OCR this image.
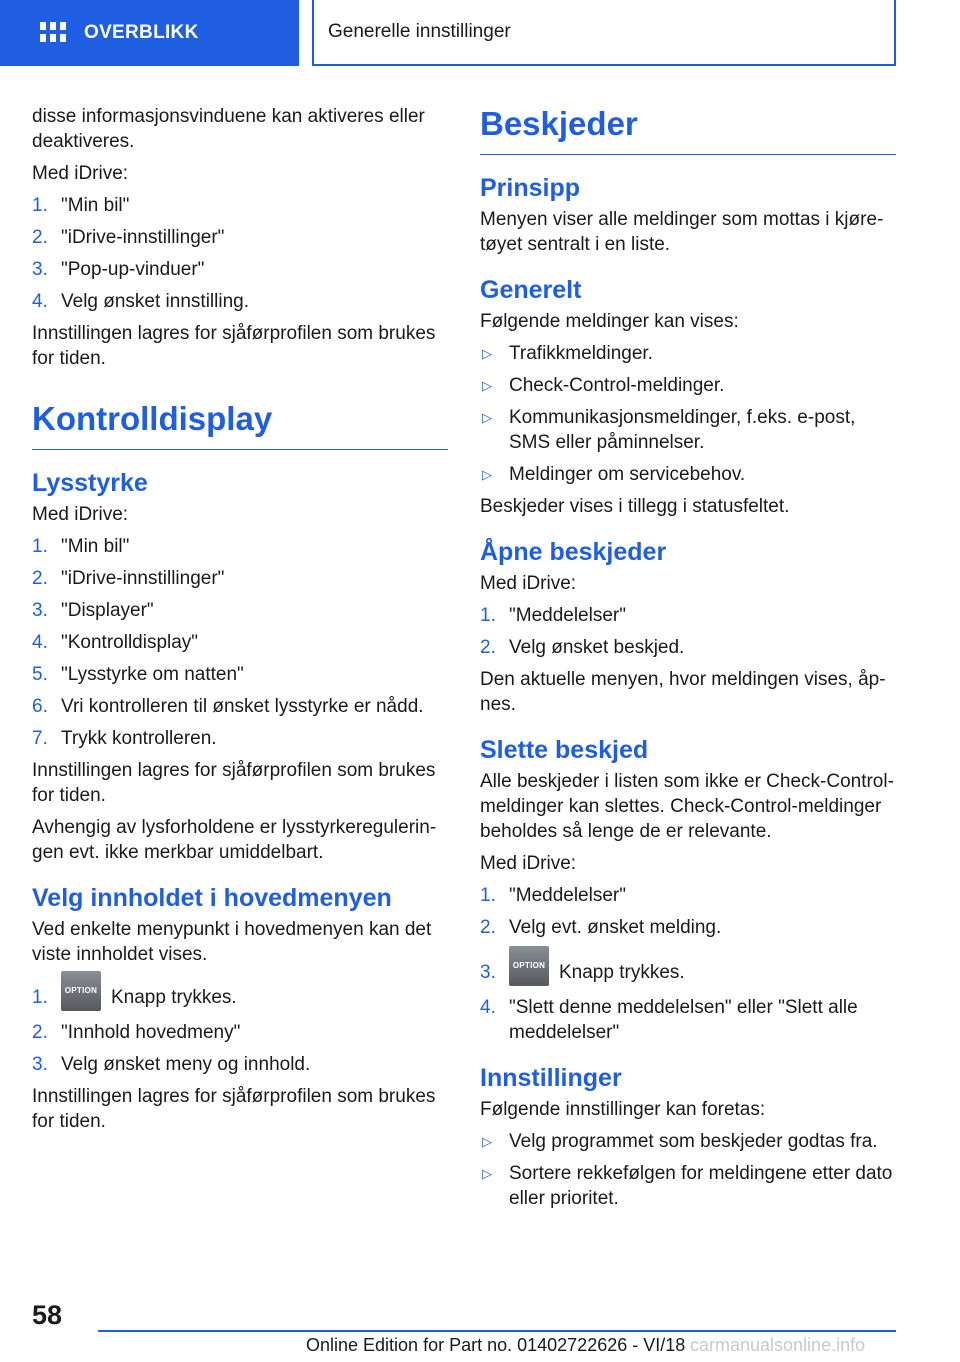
OVERBLIKK	Generelle innstillinger

disse informasjonsvinduene kan aktiveres eller deaktiveres.

Med iDrive:

1. "Min bil"
2. "iDrive-innstillinger"
3. "Pop-up-vinduer"
4. Velg ønsket innstilling.

Innstillingen lagres for sjåførprofilen som brukes for tiden.

Kontrolldisplay
Lysstyrke

Med iDrive:

1. "Min bil"
2. "iDrive-innstillinger"
3. "Displayer"
4. "Kontrolldisplay"
5. "Lysstyrke om natten"
6. Vri kontrolleren til ønsket lysstyrke er nådd.
7. Trykk kontrolleren.

Innstillingen lagres for sjåførprofilen som brukes for tiden.

Avhengig av lysforholdene er lysstyrkereguleringen evt. ikke merkbar umiddelbart.

Velg innholdet i hovedmenyen

Ved enkelte menypunkt i hovedmenyen kan det viste innholdet vises.

1.	OPTION Knapp trykkes.
2. "Innhold hovedmeny"
3. Velg ønsket meny og innhold.

Innstillingen lagres for sjåførprofilen som brukes for tiden.

Beskjeder
Prinsipp

Menyen viser alle meldinger som mottas i kjøretøyet sentralt i en liste.

Generelt

Følgende meldinger kan vises:

▷ Trafikkmeldinger.
▷ Check-Control-meldinger.
▷ Kommunikasjonsmeldinger, f.eks. e-post, SMS eller påminnelser.
▷ Meldinger om servicebehov.

Beskjeder vises i tillegg i statusfeltet.

Åpne beskjeder

Med iDrive:

1. "Meddelelser"
2. Velg ønsket beskjed.

Den aktuelle menyen, hvor meldingen vises, åpnes.

Slette beskjed

Alle beskjeder i listen som ikke er Check-Control-meldinger kan slettes. Check-Control-meldinger beholdes så lenge de er relevante.

Med iDrive:

1. "Meddelelser"
2. Velg evt. ønsket melding.
3.	OPTION Knapp trykkes.
4. "Slett denne meddelelsen" eller "Slett alle meddelelser"
Innstillinger

Følgende innstillinger kan foretas:

▷ Velg programmet som beskjeder godtas fra.
▷ Sortere rekkefølgen for meldingene etter dato eller prioritet.
58
Online Edition for Part no. 01402722626 - VI/18 carmanualsonline.info
